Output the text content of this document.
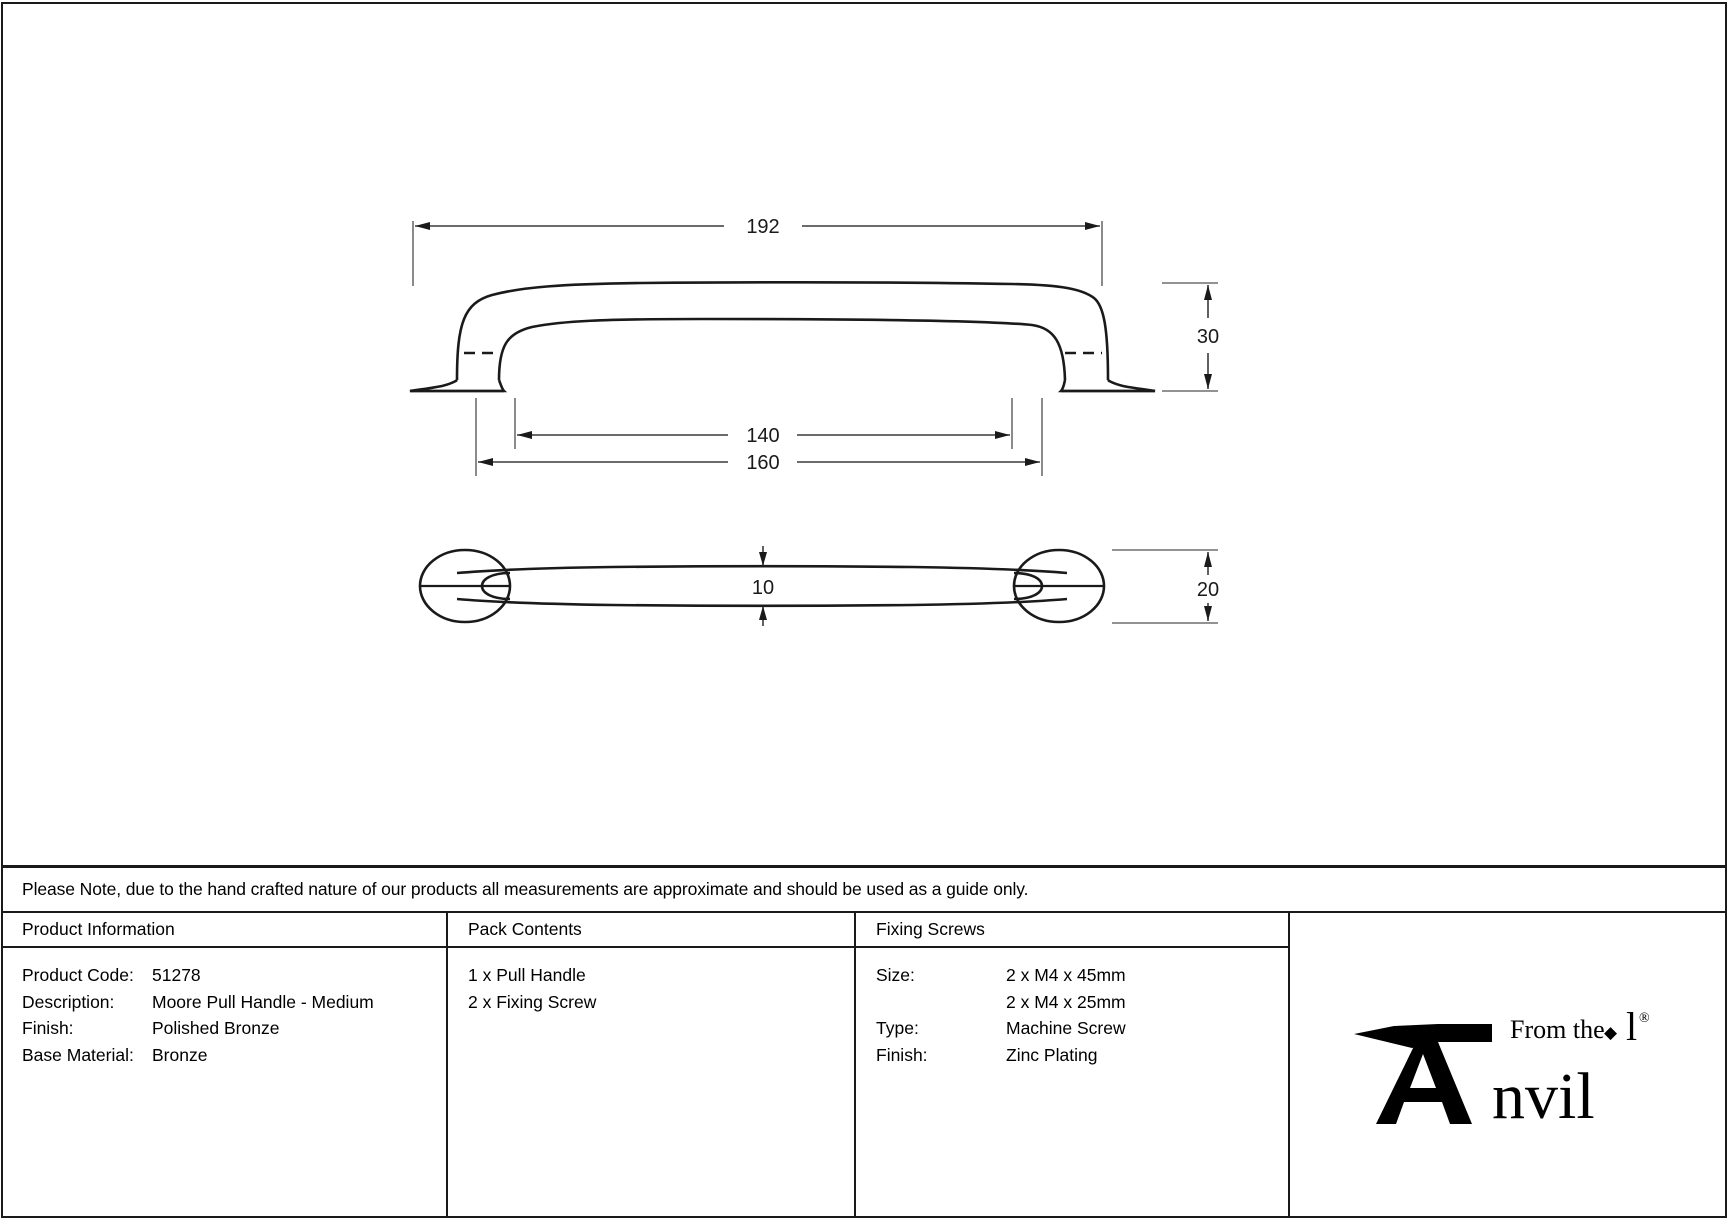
192
140
160
30
10	20
Please Note, due to the hand crafted nature of our products all measurements are approximate and should be used as a guide only.
Product Information
Product Code:	51278
Description:	Moore Pull Handle - Medium
Finish:	Polished Bronze
Base Material:	Bronze
Pack Contents
1 x Pull Handle
2 x Fixing Screw
Fixing Screws
Size:	2 x M4 x 45mm
2 x M4 x 25mm
Type:	Machine Screw
Finish:	Zinc Plating
From the ◆ l ®
nvil
